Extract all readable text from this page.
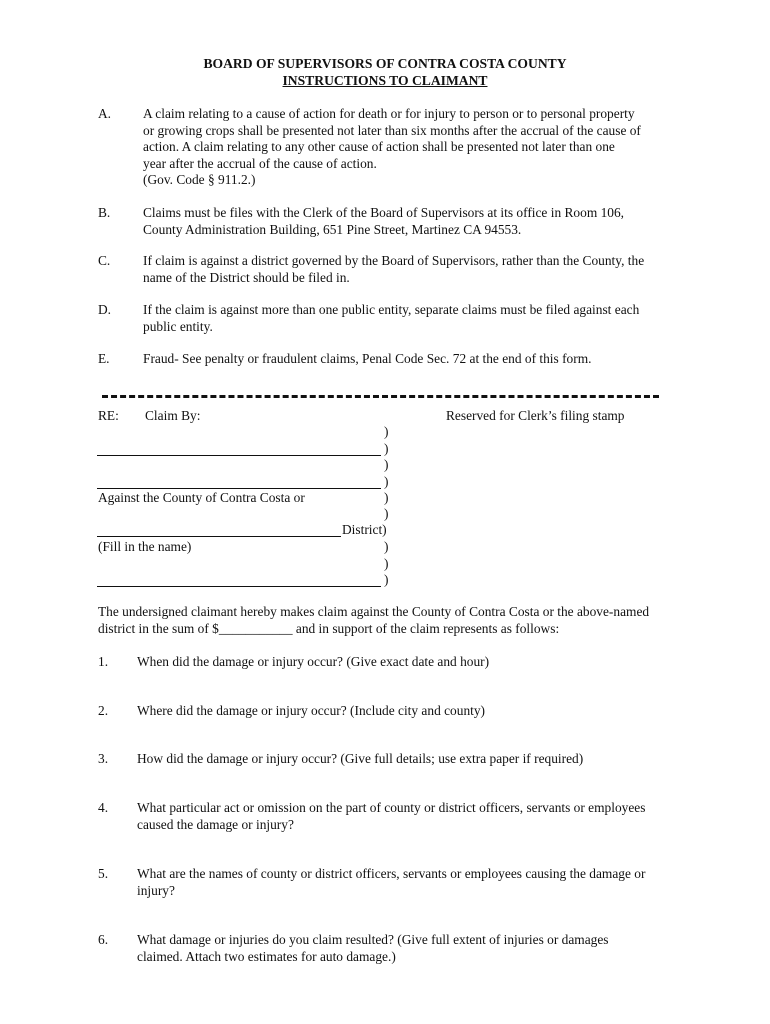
BOARD OF SUPERVISORS OF CONTRA COSTA COUNTY
INSTRUCTIONS TO CLAIMANT
A. A claim relating to a cause of action for death or for injury to person or to personal property

or growing crops shall be presented not later than six months after the accrual of the cause of

action. A claim relating to any other cause of action shall be presented not later than one

year after the accrual of the cause of action.

(Gov. Code § 911.2.)

B. Claims must be files with the Clerk of the Board of Supervisors at its office in Room 106,

County Administration Building, 651 Pine Street, Martinez CA 94553.

C. If claim is against a district governed by the Board of Supervisors, rather than the County, the

name of the District should be filed in.

D. If the claim is against more than one public entity, separate claims must be filed against each

public entity.

E. Fraud- See penalty or fraudulent claims, Penal Code Sec. 72 at the end of this form.
RE: Claim By:	Reserved for Clerk’s filing stamp
)
)
)
)
Against the County of Contra Costa or	)
)
District)
(Fill in the name)	)
)
)
The undersigned claimant hereby makes claim against the County of Contra Costa or the above-named
district in the sum of $___________ and in support of the claim represents as follows:
1. When did the damage or injury occur? (Give exact date and hour)
2. Where did the damage or injury occur? (Include city and county)
3. How did the damage or injury occur? (Give full details; use extra paper if required)
4. What particular act or omission on the part of county or district officers, servants or employees

caused the damage or injury?

5. What are the names of county or district officers, servants or employees causing the damage or

injury?

6. What damage or injuries do you claim resulted? (Give full extent of injuries or damages

claimed. Attach two estimates for auto damage.)
